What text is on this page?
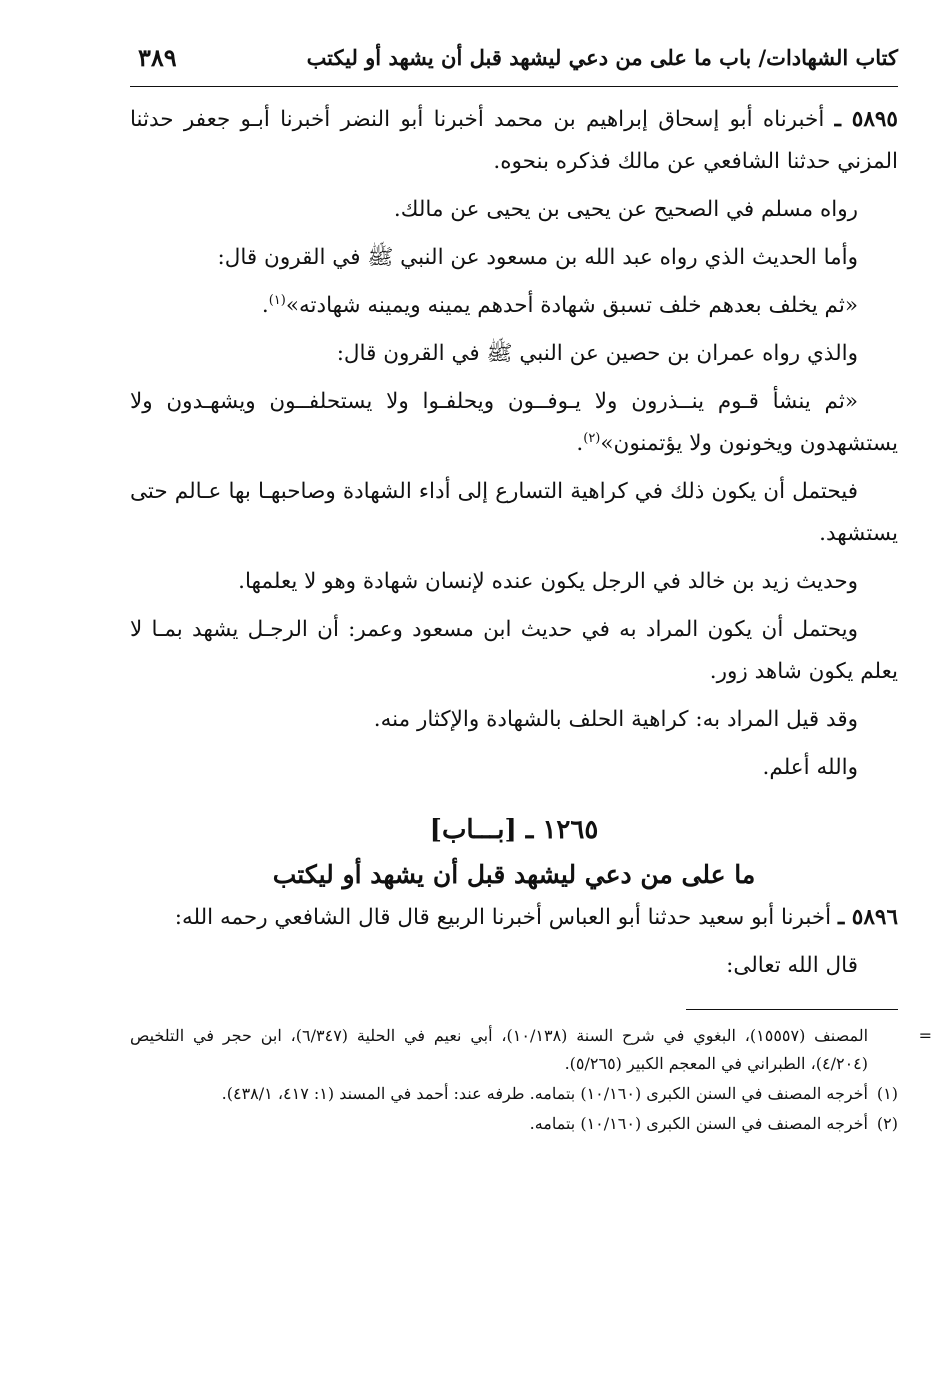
كتاب الشهادات/ باب ما على من دعي ليشهد قبل أن يشهد أو ليكتب
٣٨٩

٥٨٩٥ ـ أخبرناه أبو إسحاق إبراهيم بن محمد أخبرنا أبو النضر أخبرنا أبـو جعفر حدثنا المزني حدثنا الشافعي عن مالك فذكره بنحوه.

رواه مسلم في الصحيح عن يحيى بن يحيى عن مالك.

وأما الحديث الذي رواه عبد الله بن مسعود عن النبي ﷺ في القرون قال:

«ثم يخلف بعدهم خلف تسبق شهادة أحدهم يمينه ويمينه شهادته»$^{(١)}$.

والذي رواه عمران بن حصين عن النبي ﷺ في القرون قال:

«ثم ينشأ قـوم ينــذرون ولا يـوفــون ويحلفـوا ولا يستحلفــون ويشهـدون ولا يستشهدون ويخونون ولا يؤتمنون»$^{(٢)}$.

فيحتمل أن يكون ذلك في كراهية التسارع إلى أداء الشهادة وصاحبهـا بها عـالم حتى يستشهد.

وحديث زيد بن خالد في الرجل يكون عنده لإنسان شهادة وهو لا يعلمها.

ويحتمل أن يكون المراد به في حديث ابن مسعود وعمر: أن الرجـل يشهد بمـا لا يعلم يكون شاهد زور.

وقد قيل المراد به: كراهية الحلف بالشهادة والإكثار منه.

والله أعلم.

١٢٦٥ ـ [بـــاب]
ما على من دعي ليشهد قبل أن يشهد أو ليكتب

٥٨٩٦ ـ أخبرنا أبو سعيد حدثنا أبو العباس أخبرنا الربيع قال قال الشافعي رحمه الله:

قال الله تعالى:

=
المصنف (١٥٥٥٧)، البغوي في شرح السنة (١٠/١٣٨)، أبي نعيم في الحلية (٦/٣٤٧)، ابن حجر في التلخيص (٤/٢٠٤)، الطبراني في المعجم الكبير (٥/٢٦٥).
(١)
أخرجه المصنف في السنن الكبرى (١٠/١٦٠) بتمامه. طرفه عند: أحمد في المسند (١: ٤١٧، ٤٣٨/١).
(٢)
أخرجه المصنف في السنن الكبرى (١٠/١٦٠) بتمامه.
